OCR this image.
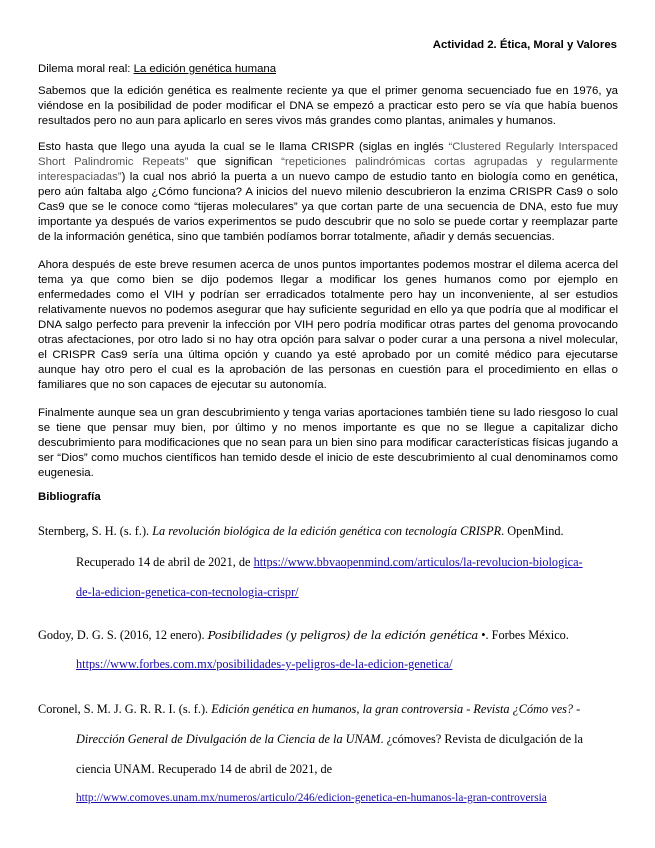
Actividad 2. Ética, Moral y Valores
Dilema moral real: La edición genética humana

Sabemos que la edición genética es realmente reciente ya que el primer genoma secuenciado fue en 1976, ya viéndose en la posibilidad de poder modificar el DNA se empezó a practicar esto pero se vía que había buenos resultados pero no aun para aplicarlo en seres vivos más grandes como plantas, animales y humanos.

Esto hasta que llego una ayuda la cual se le llama CRISPR (siglas en inglés “Clustered Regularly Interspaced Short Palindromic Repeats” que significan “repeticiones palindrómicas cortas agrupadas y regularmente interespaciadas”) la cual nos abrió la puerta a un nuevo campo de estudio tanto en biología como en genética, pero aún faltaba algo ¿Cómo funciona? A inicios del nuevo milenio descubrieron la enzima CRISPR Cas9 o solo Cas9 que se le conoce como “tijeras moleculares” ya que cortan parte de una secuencia de DNA, esto fue muy importante ya después de varios experimentos se pudo descubrir que no solo se puede cortar y reemplazar parte de la información genética, sino que también podíamos borrar totalmente, añadir y demás secuencias.

Ahora después de este breve resumen acerca de unos puntos importantes podemos mostrar el dilema acerca del tema ya que como bien se dijo podemos llegar a modificar los genes humanos como por ejemplo en enfermedades como el VIH y podrían ser erradicados totalmente pero hay un inconveniente, al ser estudios relativamente nuevos no podemos asegurar que hay suficiente seguridad en ello ya que podría que al modificar el DNA salgo perfecto para prevenir la infección por VIH pero podría modificar otras partes del genoma provocando otras afectaciones, por otro lado si no hay otra opción para salvar o poder curar a una persona a nivel molecular, el CRISPR Cas9 sería una última opción y cuando ya esté aprobado por un comité médico para ejecutarse aunque hay otro pero el cual es la aprobación de las personas en cuestión para el procedimiento en ellas o familiares que no son capaces de ejecutar su autonomía.

Finalmente aunque sea un gran descubrimiento y tenga varias aportaciones también tiene su lado riesgoso lo cual se tiene que pensar muy bien, por último y no menos importante es que no se llegue a capitalizar dicho descubrimiento para modificaciones que no sean para un bien sino para modificar características físicas jugando a ser “Dios” como muchos científicos han temido desde el inicio de este descubrimiento al cual denominamos como eugenesia.

Bibliografía
Sternberg, S. H. (s. f.). La revolución biológica de la edición genética con tecnología CRISPR. OpenMind.
Recuperado 14 de abril de 2021, de https://www.bbvaopenmind.com/articulos/la-revolucion-biologica-
de-la-edicion-genetica-con-tecnologia-crispr/
Godoy, D. G. S. (2016, 12 enero). Posibilidades (y peligros) de la edición genética •. Forbes México.
https://www.forbes.com.mx/posibilidades-y-peligros-de-la-edicion-genetica/
Coronel, S. M. J. G. R. R. I. (s. f.). Edición genética en humanos, la gran controversia - Revista ¿Cómo ves? -
Dirección General de Divulgación de la Ciencia de la UNAM. ¿cómoves? Revista de diculgación de la
ciencia UNAM. Recuperado 14 de abril de 2021, de
http://www.comoves.unam.mx/numeros/articulo/246/edicion-genetica-en-humanos-la-gran-controversia
